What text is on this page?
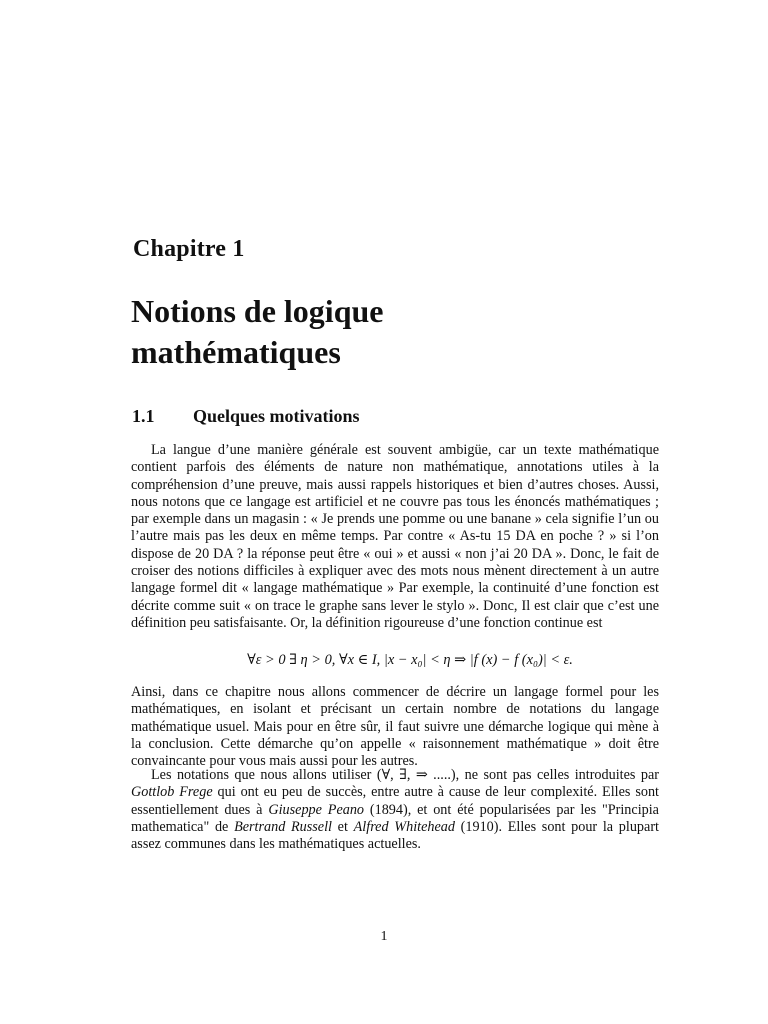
Chapitre 1
Notions de logique
mathématiques
1.1 Quelques motivations

La langue d’une manière générale est souvent ambigüe, car un texte mathématique contient parfois des éléments de nature non mathématique, annotations utiles à la compréhension d’une preuve, mais aussi rappels historiques et bien d’autres choses. Aussi, nous notons que ce langage est artificiel et ne couvre pas tous les énoncés mathématiques ; par exemple dans un magasin : « Je prends une pomme ou une banane » cela signifie l’un ou l’autre mais pas les deux en même temps. Par contre « As-tu 15 DA en poche ? » si l’on dispose de 20 DA ? la réponse peut être « oui » et aussi « non j’ai 20 DA ». Donc, le fait de croiser des notions difficiles à expliquer avec des mots nous mènent directement à un autre langage formel dit « langage mathématique » Par exemple, la continuité d’une fonction est décrite comme suit « on trace le graphe sans lever le stylo ». Donc, Il est clair que c’est une définition peu satisfaisante. Or, la définition rigoureuse d’une fonction continue est

∀ε > 0 ∃ η > 0, ∀x ∈ I, |x − x₀| < η ⇒ |f (x) − f (x₀)| < ε.

Ainsi, dans ce chapitre nous allons commencer de décrire un langage formel pour les mathématiques, en isolant et précisant un certain nombre de notations du langage mathématique usuel. Mais pour en être sûr, il faut suivre une démarche logique qui mène à la conclusion. Cette démarche qu’on appelle « raisonnement mathématique » doit être convaincante pour vous mais aussi pour les autres.

Les notations que nous allons utiliser (∀, ∃, ⇒ .....), ne sont pas celles introduites par Gottlob Frege qui ont eu peu de succès, entre autre à cause de leur complexité. Elles sont essentiellement dues à Giuseppe Peano (1894), et ont été popularisées par les "Principia mathematica" de Bertrand Russell et Alfred Whitehead (1910). Elles sont pour la plupart assez communes dans les mathématiques actuelles.

1
